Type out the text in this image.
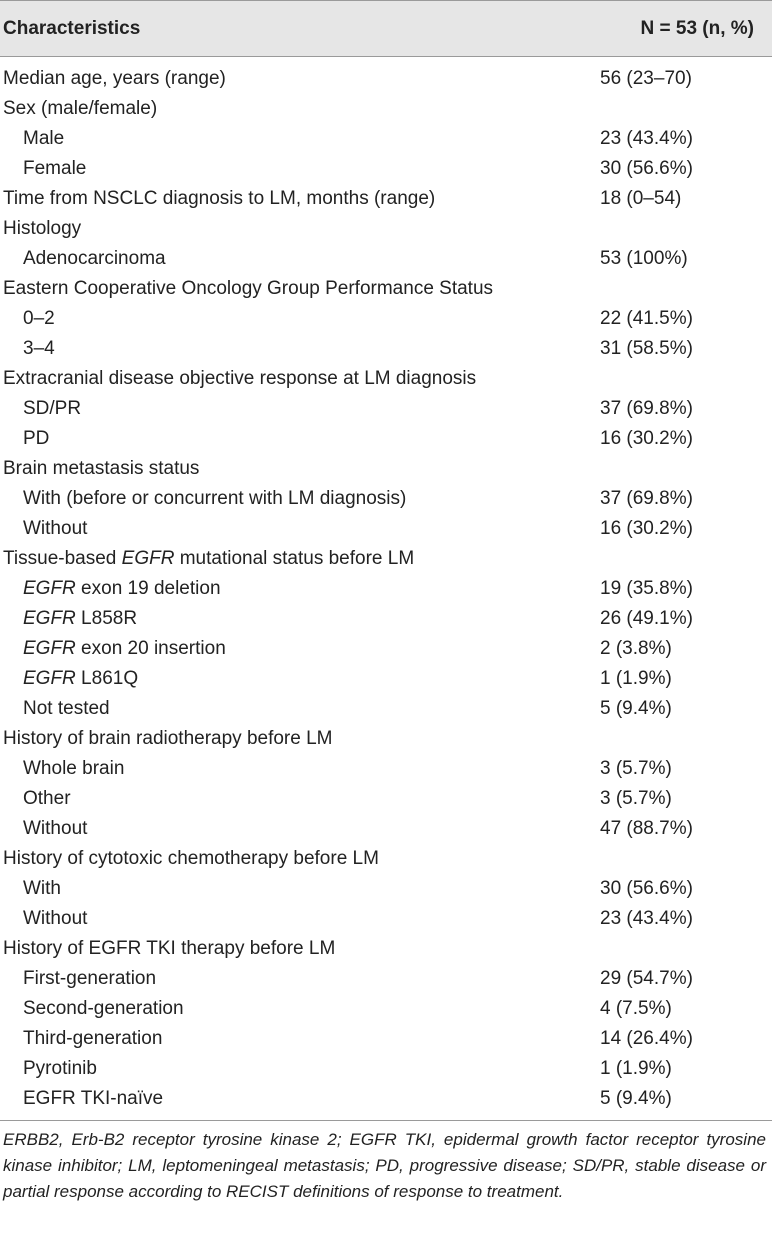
Characteristics	N = 53 (n, %)
Median age, years (range)	56 (23–70)
Sex (male/female)
Male	23 (43.4%)
Female	30 (56.6%)
Time from NSCLC diagnosis to LM, months (range)	18 (0–54)
Histology
Adenocarcinoma	53 (100%)
Eastern Cooperative Oncology Group Performance Status
0–2	22 (41.5%)
3–4	31 (58.5%)
Extracranial disease objective response at LM diagnosis
SD/PR	37 (69.8%)
PD	16 (30.2%)
Brain metastasis status
With (before or concurrent with LM diagnosis)	37 (69.8%)
Without	16 (30.2%)
Tissue-based EGFR mutational status before LM
EGFR exon 19 deletion	19 (35.8%)
EGFR L858R	26 (49.1%)
EGFR exon 20 insertion	2 (3.8%)
EGFR L861Q	1 (1.9%)
Not tested	5 (9.4%)
History of brain radiotherapy before LM
Whole brain	3 (5.7%)
Other	3 (5.7%)
Without	47 (88.7%)
History of cytotoxic chemotherapy before LM
With	30 (56.6%)
Without	23 (43.4%)
History of EGFR TKI therapy before LM
First-generation	29 (54.7%)
Second-generation	4 (7.5%)
Third-generation	14 (26.4%)
Pyrotinib	1 (1.9%)
EGFR TKI-naïve	5 (9.4%)
ERBB2, Erb-B2 receptor tyrosine kinase 2; EGFR TKI, epidermal growth factor receptor tyrosine kinase inhibitor; LM, leptomeningeal metastasis; PD, progressive disease; SD/PR, stable disease or partial response according to RECIST definitions of response to treatment.
